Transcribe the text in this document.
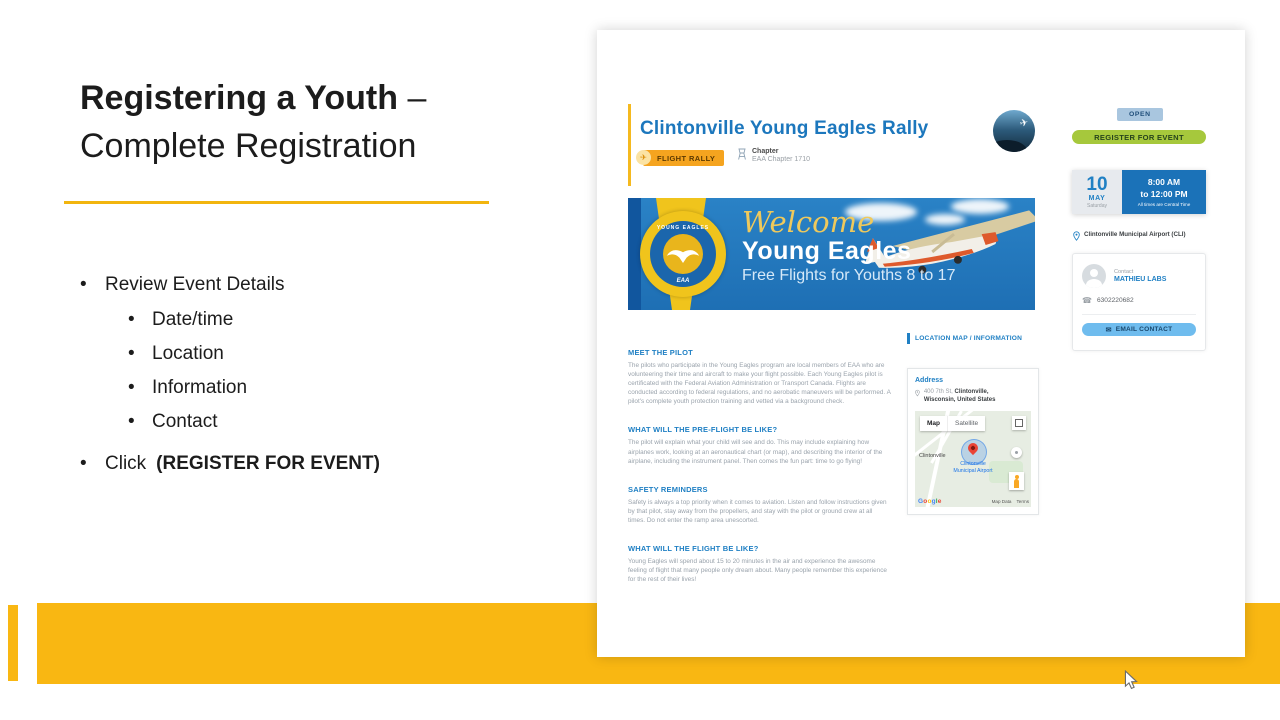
Registering a Youth –
Complete Registration
•
Review Event Details
•
Date/time
•
Location
•
Information
•
Contact
•
Click (REGISTER FOR EVENT)
Clintonville Young Eagles Rally
✈	FLIGHT RALLY
Chapter
EAA Chapter 1710
✈
YOUNG EAGLES
EAA
Welcome
Young Eagles
Free Flights for Youths 8 to 17
MEET THE PILOT

The pilots who participate in the Young Eagles program are local members of EAA who are volunteering their time and aircraft to make your flight possible. Each Young Eagles pilot is certificated with the Federal Aviation Administration or Transport Canada. Flights are conducted according to federal regulations, and no aerobatic maneuvers will be performed. A pilot's complete youth protection training and vetted via a background check.

WHAT WILL THE PRE-FLIGHT BE LIKE?

The pilot will explain what your child will see and do. This may include explaining how airplanes work, looking at an aeronautical chart (or map), and describing the interior of the airplane, including the instrument panel. Then comes the fun part: time to go flying!

SAFETY REMINDERS

Safety is always a top priority when it comes to aviation. Listen and follow instructions given by that pilot, stay away from the propellers, and stay with the pilot or ground crew at all times. Do not enter the ramp area unescorted.

WHAT WILL THE FLIGHT BE LIKE?

Young Eagles will spend about 15 to 20 minutes in the air and experience the awesome feeling of flight that many people only dream about. Many people remember this experience for the rest of their lives!

LOCATION MAP / INFORMATION
Address
400 7th St, Clintonville, Wisconsin, United States
Map	Satellite
Clintonville
Clintonville Municipal Airport
Google	Map Data Terms
OPEN
REGISTER FOR EVENT
10
MAY
Saturday
8:00 AM
to 12:00 PM
All times are Central Time
Clintonville Municipal Airport (CLI)
Contact
MATHIEU LABS
☎ 6302220682
✉ EMAIL CONTACT
